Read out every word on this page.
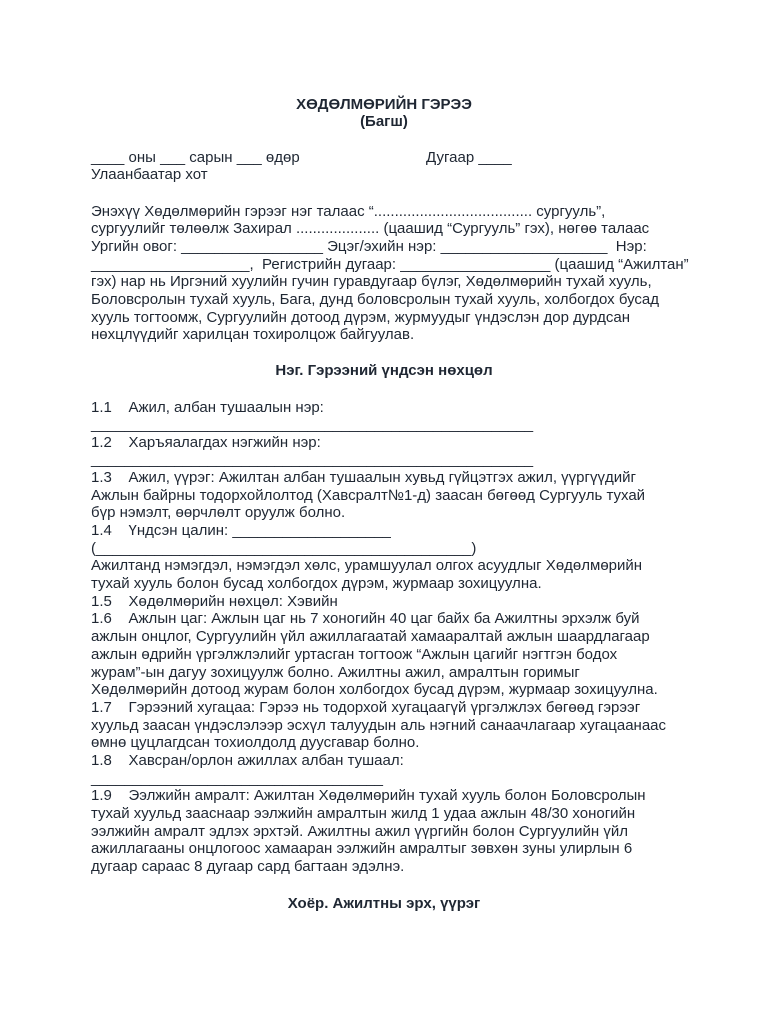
ХӨДӨЛМӨРИЙН ГЭРЭЭ
(Багш)
____ оны ___ сарын ___ өдөр	Дугаар ____
Улаанбаатар хот
Энэхүү Хөдөлмөрийн гэрээг нэг талаас “...................................... сургууль”,
сургуулийг төлөөлж Захирал .................... (цаашид “Сургууль” гэх), нөгөө талаас
Ургийн овог: _________________ Эцэг/эхийн нэр: ____________________  Нэр:
___________________,  Регистрийн дугаар: __________________ (цаашид “Ажилтан”
гэх) нар нь Иргэний хуулийн гучин гуравдугаар бүлэг, Хөдөлмөрийн тухай хууль,
Боловсролын тухай хууль, Бага, дунд боловсролын тухай хууль, холбогдох бусад
хууль тогтоомж, Сургуулийн дотоод дүрэм, журмуудыг үндэслэн дор дурдсан
нөхцлүүдийг харилцан тохиролцож байгуулав.
Нэг. Гэрээний үндсэн нөхцөл
1.1    Ажил, албан тушаалын нэр:
_____________________________________________________
1.2    Харъяалагдах нэгжийн нэр:
_____________________________________________________
1.3    Ажил, үүрэг: Ажилтан албан тушаалын хувьд гүйцэтгэх ажил, үүргүүдийг
Ажлын байрны тодорхойлолтод (Хавсралт№1-д) заасан бөгөөд Сургууль тухай
бүр нэмэлт, өөрчлөлт оруулж болно.
1.4    Үндсэн цалин: ___________________
(_____________________________________________)
Ажилтанд нэмэгдэл, нэмэгдэл хөлс, урамшуулал олгох асуудлыг Хөдөлмөрийн
тухай хууль болон бусад холбогдох дүрэм, журмаар зохицуулна.
1.5    Хөдөлмөрийн нөхцөл: Хэвийн
1.6    Ажлын цаг: Ажлын цаг нь 7 хоногийн 40 цаг байх ба Ажилтны эрхэлж буй
ажлын онцлог, Сургуулийн үйл ажиллагаатай хамааралтай ажлын шаардлагаар
ажлын өдрийн үргэлжлэлийг уртасган тогтоож “Ажлын цагийг нэгтгэн бодох
журам”-ын дагуу зохицуулж болно. Ажилтны ажил, амралтын горимыг
Хөдөлмөрийн дотоод журам болон холбогдох бусад дүрэм, журмаар зохицуулна.
1.7    Гэрээний хугацаа: Гэрээ нь тодорхой хугацаагүй үргэлжлэх бөгөөд гэрээг
хуульд заасан үндэслэлээр эсхүл талуудын аль нэгний санаачлагаар хугацаанаас
өмнө цуцлагдсан тохиолдолд дуусгавар болно.
1.8    Хавсран/орлон ажиллах албан тушаал:
___________________________________
1.9    Ээлжийн амралт: Ажилтан Хөдөлмөрийн тухай хууль болон Боловсролын
тухай хуульд зааснаар ээлжийн амралтын жилд 1 удаа ажлын 48/30 хоногийн
ээлжийн амралт эдлэх эрхтэй. Ажилтны ажил үүргийн болон Сургуулийн үйл
ажиллагааны онцлогоос хамааран ээлжийн амралтыг зөвхөн зуны улирлын 6
дугаар сараас 8 дугаар сард багтаан эдэлнэ.
Хоёр. Ажилтны эрх, үүрэг
